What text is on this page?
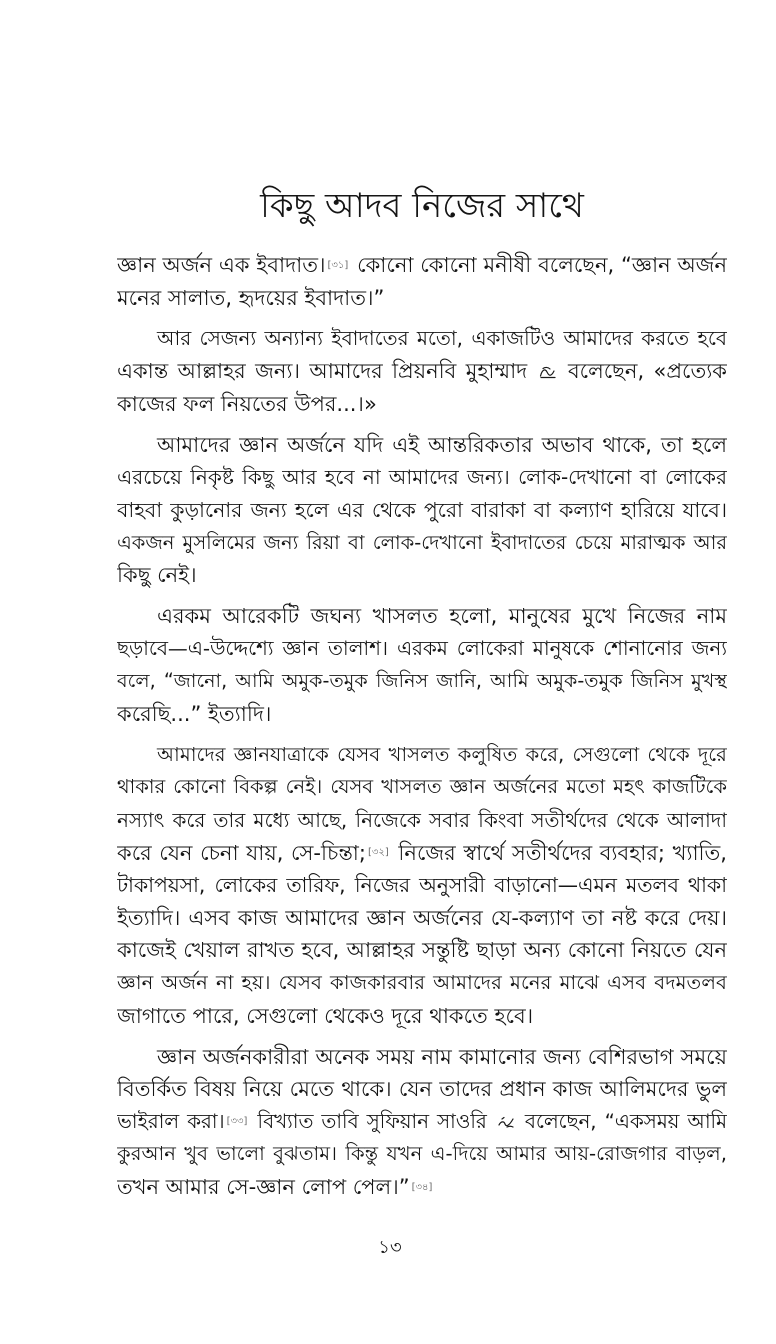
কিছু আদব নিজের সাথে
জ্ঞান অর্জন এক ইবাদাত। [৩১] কোনো কোনো মনীষী বলেছেন, “জ্ঞান অর্জন
মনের সালাত, হৃদয়ের ইবাদাত।”
আর সেজন্য অন্যান্য ইবাদাতের মতো, একাজটিও আমাদের করতে হবে
একান্ত আল্লাহর জন্য। আমাদের প্রিয়নবি মুহাম্মাদ
বলেছেন, «প্রত্যেক
কাজের ফল নিয়তের উপর...।»
আমাদের জ্ঞান অর্জনে যদি এই আন্তরিকতার অভাব থাকে, তা হলে
এরচেয়ে নিকৃষ্ট কিছু আর হবে না আমাদের জন্য। লোক-দেখানো বা লোকের
বাহবা কুড়ানোর জন্য হলে এর থেকে পুরো বারাকা বা কল্যাণ হারিয়ে যাবে।
একজন মুসলিমের জন্য রিয়া বা লোক-দেখানো ইবাদাতের চেয়ে মারাত্মক আর
কিছু নেই।
এরকম আরেকটি জঘন্য খাসলত হলো, মানুষের মুখে নিজের নাম
ছড়াবে—এ-উদ্দেশ্যে জ্ঞান তালাশ। এরকম লোকেরা মানুষকে শোনানোর জন্য
বলে, “জানো, আমি অমুক-তমুক জিনিস জানি, আমি অমুক-তমুক জিনিস মুখস্থ
করেছি...” ইত্যাদি।
আমাদের জ্ঞানযাত্রাকে যেসব খাসলত কলুষিত করে, সেগুলো থেকে দূরে
থাকার কোনো বিকল্প নেই। যেসব খাসলত জ্ঞান অর্জনের মতো মহৎ কাজটিকে
নস্যাৎ করে তার মধ্যে আছে, নিজেকে সবার কিংবা সতীর্থদের থেকে আলাদা
করে যেন চেনা যায়, সে-চিন্তা; [৩২] নিজের স্বার্থে সতীর্থদের ব্যবহার; খ্যাতি,
টাকাপয়সা, লোকের তারিফ, নিজের অনুসারী বাড়ানো—এমন মতলব থাকা
ইত্যাদি। এসব কাজ আমাদের জ্ঞান অর্জনের যে-কল্যাণ তা নষ্ট করে দেয়।
কাজেই খেয়াল রাখত হবে, আল্লাহর সন্তুষ্টি ছাড়া অন্য কোনো নিয়তে যেন
জ্ঞান অর্জন না হয়। যেসব কাজকারবার আমাদের মনের মাঝে এসব বদমতলব
জাগাতে পারে, সেগুলো থেকেও দূরে থাকতে হবে।
জ্ঞান অর্জনকারীরা অনেক সময় নাম কামানোর জন্য বেশিরভাগ সময়ে
বিতর্কিত বিষয় নিয়ে মেতে থাকে। যেন তাদের প্রধান কাজ আলিমদের ভুল
ভাইরাল করা। [৩৩] বিখ্যাত তাবি সুফিয়ান সাওরি
বলেছেন, “একসময় আমি
কুরআন খুব ভালো বুঝতাম। কিন্তু যখন এ-দিয়ে আমার আয়-রোজগার বাড়ল,
তখন আমার সে-জ্ঞান লোপ পেল।” [৩৪]
১৩
